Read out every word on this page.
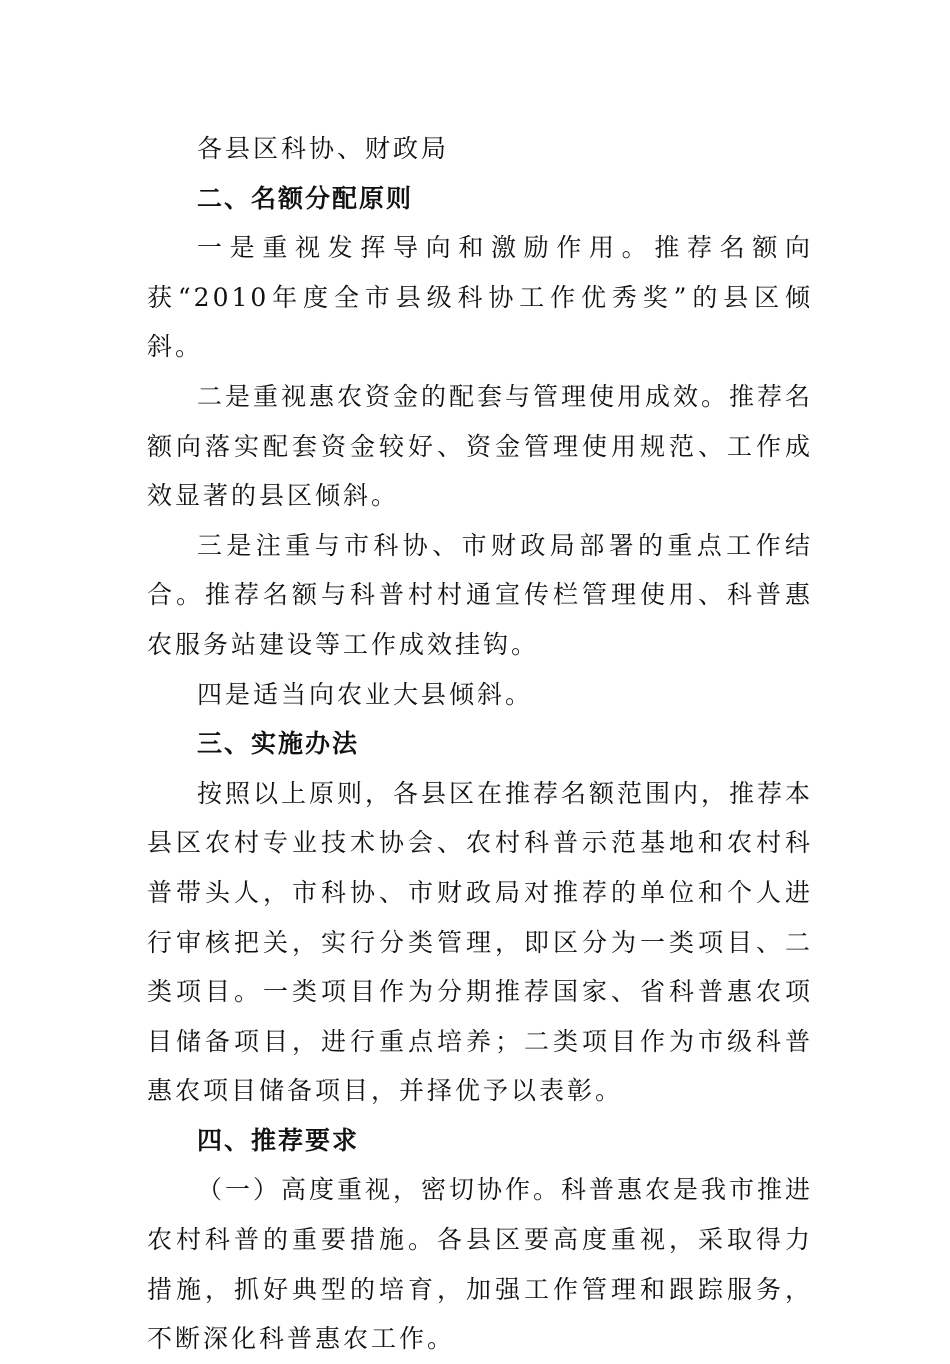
各县区科协、财政局

二、名额分配原则

一是重视发挥导向和激励作用。推荐名额向获“2010年度全市县级科协工作优秀奖”的县区倾斜。

二是重视惠农资金的配套与管理使用成效。推荐名额向落实配套资金较好、资金管理使用规范、工作成效显著的县区倾斜。

三是注重与市科协、市财政局部署的重点工作结合。推荐名额与科普村村通宣传栏管理使用、科普惠农服务站建设等工作成效挂钩。

四是适当向农业大县倾斜。

三、实施办法

按照以上原则，各县区在推荐名额范围内，推荐本县区农村专业技术协会、农村科普示范基地和农村科普带头人，市科协、市财政局对推荐的单位和个人进行审核把关，实行分类管理，即区分为一类项目、二类项目。一类项目作为分期推荐国家、省科普惠农项目储备项目，进行重点培养；二类项目作为市级科普惠农项目储备项目，并择优予以表彰。

四、推荐要求

（一）高度重视，密切协作。科普惠农是我市推进农村科普的重要措施。各县区要高度重视，采取得力措施，抓好典型的培育，加强工作管理和跟踪服务，不断深化科普惠农工作。
